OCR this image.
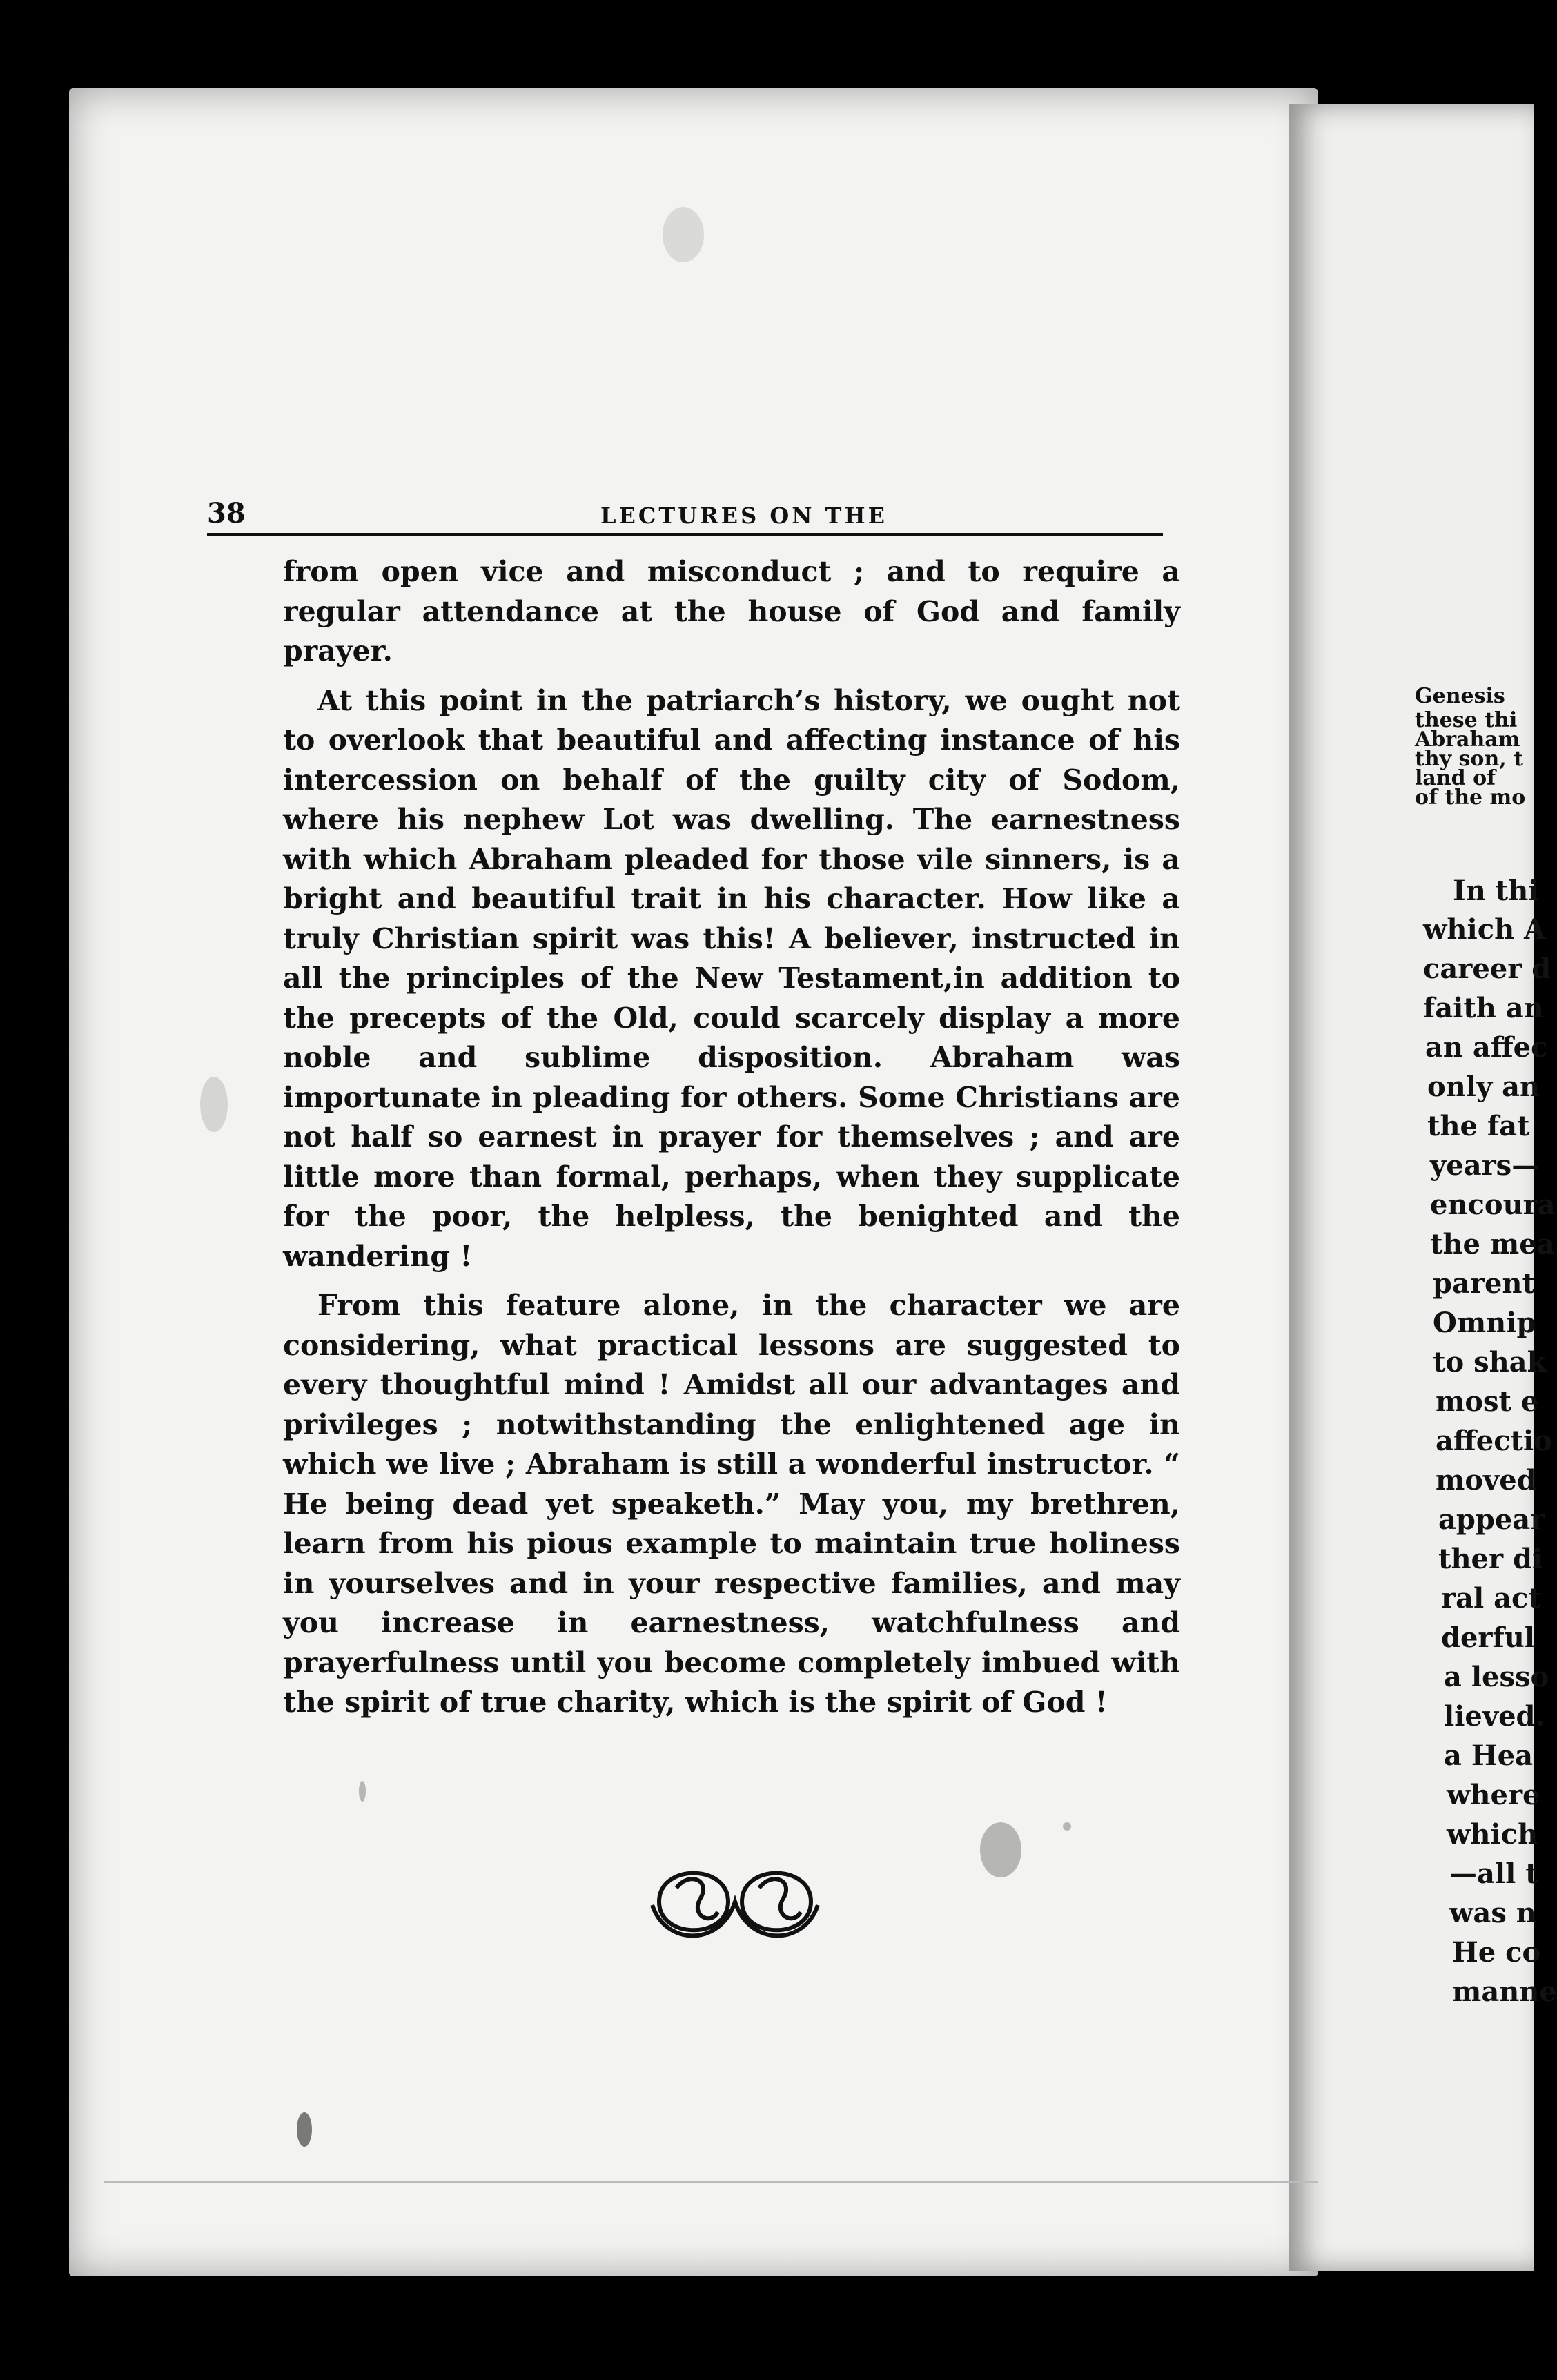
38	LECTURES ON THE

from open vice and misconduct ; and to require a regular attendance at the house of God and family prayer.

At this point in the patriarch’s history, we ought not to overlook that beautiful and affecting instance of his intercession on behalf of the guilty city of Sodom, where his nephew Lot was dwelling. The earnestness with which Abraham pleaded for those vile sinners, is a bright and beautiful trait in his character. How like a truly Christian spirit was this! A believer, instructed in all the principles of the New Testament,in addition to the precepts of the Old, could scarcely display a more noble and sublime disposition. Abraham was importunate in pleading for others. Some Christians are not half so earnest in prayer for themselves ; and are little more than formal, perhaps, when they supplicate for the poor, the helpless, the benighted and the wandering !

From this feature alone, in the character we are considering, what practical lessons are suggested to every thoughtful mind ! Amidst all our advantages and privileges ; notwithstanding the enlightened age in which we live ; Abraham is still a wonderful instructor. “ He being dead yet speaketh.” May you, my brethren, learn from his pious example to maintain true holiness in yourselves and in your respective families, and may you increase in earnestness, watchfulness and prayerfulness until you become completely imbued with the spirit of true charity, which is the spirit of God !

Genesis
these thi
Abraham
thy son, t
land of
of the mo
In thi
which A
career d
faith an
an affec
only an
the fat
years—
encoura
the mea
parent
Omnip
to shak
most e
affectio
moved
appear
ther di
ral act
derful
a lesso
lieved.
a Hea
where
which
—all t
was n
He co
manne
